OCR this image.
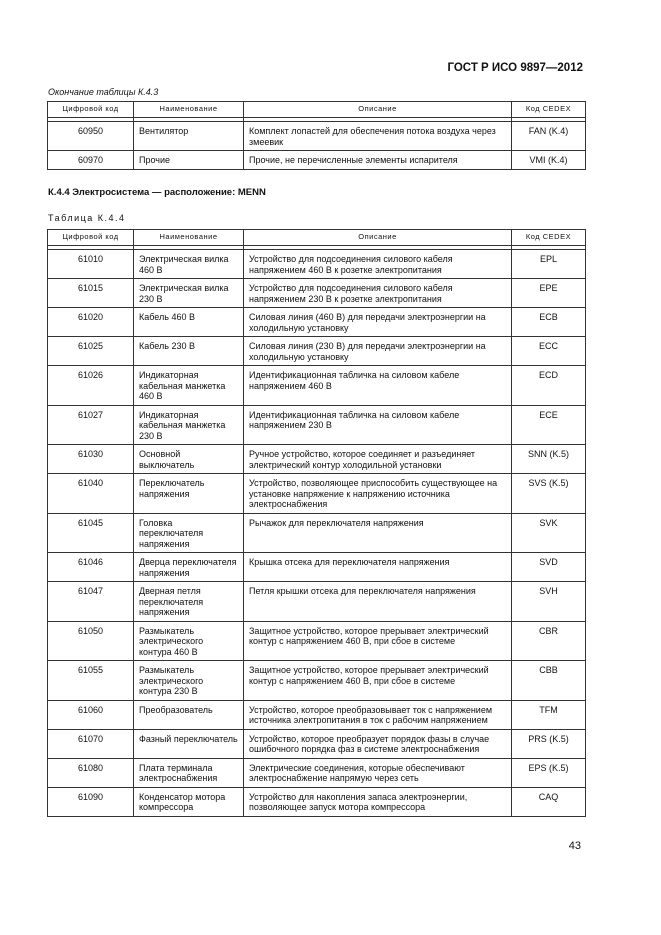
ГОСТ Р ИСО 9897—2012
Окончание таблицы К.4.3
Цифровой код	Наименование	Описание	Код CEDEX

60950	Вентилятор	Комплект лопастей для обеспечения потока воздуха через змеевик	FAN (K.4)
60970	Прочие	Прочие, не перечисленные элементы испарителя	VMI (K.4)
К.4.4 Электросистема — расположение: MENN
Таблица К.4.4
Цифровой код	Наименование	Описание	Код CEDEX

61010	Электрическая вилка 460 В	Устройство для подсоединения силового кабеля напряжением 460 В к розетке электропитания	EPL
61015	Электрическая вилка 230 В	Устройство для подсоединения силового кабеля напряжением 230 В к розетке электропитания	EPE
61020	Кабель 460 В	Силовая линия (460 В) для передачи электроэнергии на холодильную установку	ECB
61025	Кабель 230 В	Силовая линия (230 В) для передачи электроэнергии на холодильную установку	ECC
61026	Индикаторная кабельная манжетка 460 В	Идентификационная табличка на силовом кабеле напряжением 460 В	ECD
61027	Индикаторная кабельная манжетка 230 В	Идентификационная табличка на силовом кабеле напряжением 230 В	ECE
61030	Основной выключатель	Ручное устройство, которое соединяет и разъединяет электрический контур холодильной установки	SNN (K.5)
61040	Переключатель напряжения	Устройство, позволяющее приспособить существующее на установке напряжение к напряжению источника электроснабжения	SVS (K.5)
61045	Головка переключателя напряжения	Рычажок для переключателя напряжения	SVK
61046	Дверца переключателя напряжения	Крышка отсека для переключателя напряжения	SVD
61047	Дверная петля переключателя напряжения	Петля крышки отсека для переключателя напряжения	SVH
61050	Размыкатель электрического контура 460 В	Защитное устройство, которое прерывает электрический контур с напряжением 460 В, при сбое в системе	CBR
61055	Размыкатель электрического контура 230 В	Защитное устройство, которое прерывает электрический контур с напряжением 460 В, при сбое в системе	CBB
61060	Преобразователь	Устройство, которое преобразовывает ток с напряжением источника электропитания в ток с рабочим напряжением	TFM
61070	Фазный переключатель	Устройство, которое преобразует порядок фазы в случае ошибочного порядка фаз в системе электроснабжения	PRS (K.5)
61080	Плата терминала электроснабжения	Электрические соединения, которые обеспечивают электроснабжение напрямую через сеть	EPS (K.5)
61090	Конденсатор мотора компрессора	Устройство для накопления запаса электроэнергии, позволяющее запуск мотора компрессора	CAQ
43
